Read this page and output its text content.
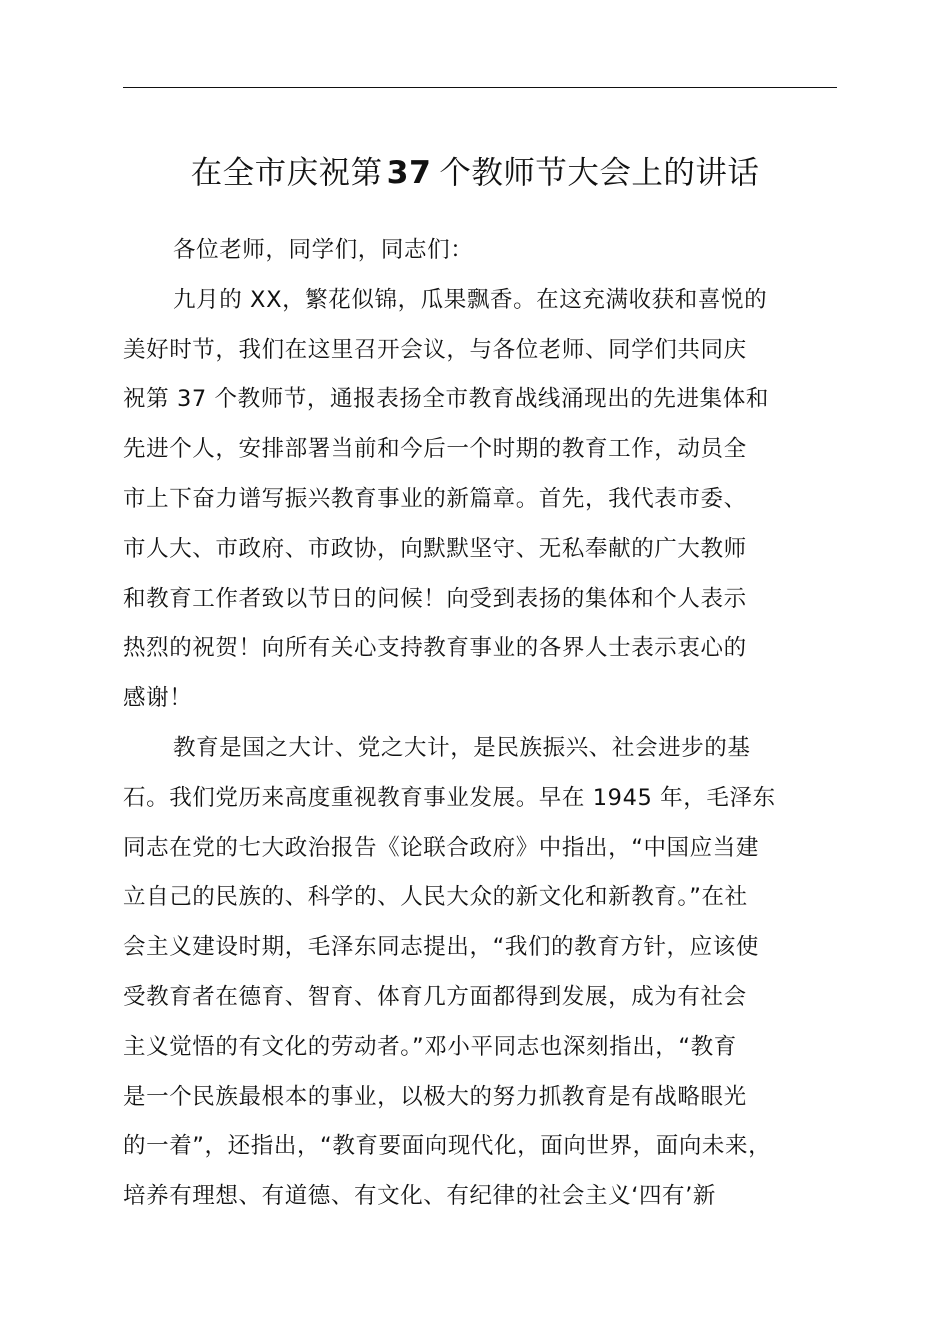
在全市庆祝第 37 个教师节大会上的讲话
各位老师，同学们，同志们：
九月的 XX，繁花似锦，瓜果飘香。在这充满收获和喜悦的
美好时节，我们在这里召开会议，与各位老师、同学们共同庆
祝第 37 个教师节，通报表扬全市教育战线涌现出的先进集体和
先进个人，安排部署当前和今后一个时期的教育工作，动员全
市上下奋力谱写振兴教育事业的新篇章。首先，我代表市委、
市人大、市政府、市政协，向默默坚守、无私奉献的广大教师
和教育工作者致以节日的问候！向受到表扬的集体和个人表示
热烈的祝贺！向所有关心支持教育事业的各界人士表示衷心的
感谢！
教育是国之大计、党之大计，是民族振兴、社会进步的基
石。我们党历来高度重视教育事业发展。早在 1945 年，毛泽东
同志在党的七大政治报告《论联合政府》中指出，“中国应当建
立自己的民族的、科学的、人民大众的新文化和新教育。”在社
会主义建设时期，毛泽东同志提出，“我们的教育方针，应该使
受教育者在德育、智育、体育几方面都得到发展，成为有社会
主义觉悟的有文化的劳动者。”邓小平同志也深刻指出，“教育
是一个民族最根本的事业，以极大的努力抓教育是有战略眼光
的一着”，还指出，“教育要面向现代化，面向世界，面向未来，
培养有理想、有道德、有文化、有纪律的社会主义‘四有’新
